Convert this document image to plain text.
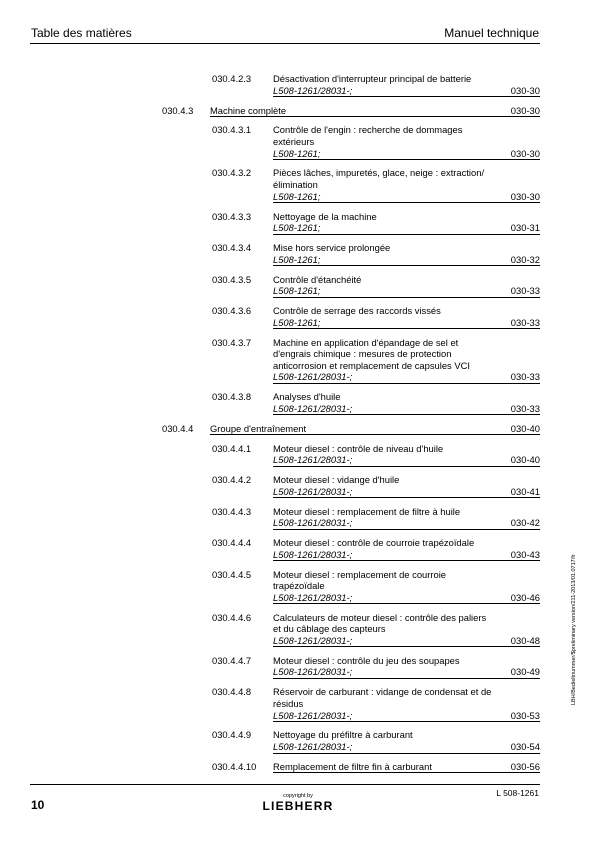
Table des matières	Manuel technique
030.4.2.3 Désactivation d'interrupteur principal de batterie
L508-1261/28031-;	030-30
030.4.3 Machine complète	030-30
030.4.3.1 Contrôle de l'engin : recherche de dommages
extérieurs
L508-1261;	030-30
030.4.3.2 Pièces lâches, impuretés, glace, neige : extraction/
élimination
L508-1261;	030-30
030.4.3.3 Nettoyage de la machine
L508-1261;	030-31
030.4.3.4 Mise hors service prolongée
L508-1261;	030-32
030.4.3.5 Contrôle d'étanchéité
L508-1261;	030-33
030.4.3.6 Contrôle de serrage des raccords vissés
L508-1261;	030-33
030.4.3.7 Machine en application d'épandage de sel et
d'engrais chimique : mesures de protection
anticorrosion et remplacement de capsules VCI
L508-1261/28031-;	030-33
030.4.3.8 Analyses d'huile
L508-1261/28031-;	030-33
030.4.4 Groupe d'entraînement	030-40
030.4.4.1 Moteur diesel : contrôle de niveau d'huile
L508-1261/28031-;	030-40
030.4.4.2 Moteur diesel : vidange d'huile
L508-1261/28031-;	030-41
030.4.4.3 Moteur diesel : remplacement de filtre à huile
L508-1261/28031-;	030-42
030.4.4.4 Moteur diesel : contrôle de courroie trapézoïdale
L508-1261/28031-;	030-43
030.4.4.5 Moteur diesel : remplacement de courroie
trapézoïdale
L508-1261/28031-;	030-46
030.4.4.6 Calculateurs de moteur diesel : contrôle des paliers
et du câblage des capteurs
L508-1261/28031-;	030-48
030.4.4.7 Moteur diesel : contrôle du jeu des soupapes
L508-1261/28031-;	030-49
030.4.4.8 Réservoir de carburant : vidange de condensat et de
résidus
L508-1261/28031-;	030-53
030.4.4.9 Nettoyage du préfiltre à carburant
L508-1261/28031-;	030-54
030.4.4.10 Remplacement de filtre fin à carburant	030-56
10
copyright by
LIEBHERR
L 508-1261
LBH/Bedieltnummer/$preliminary version/211-2013/01.0717/fr
